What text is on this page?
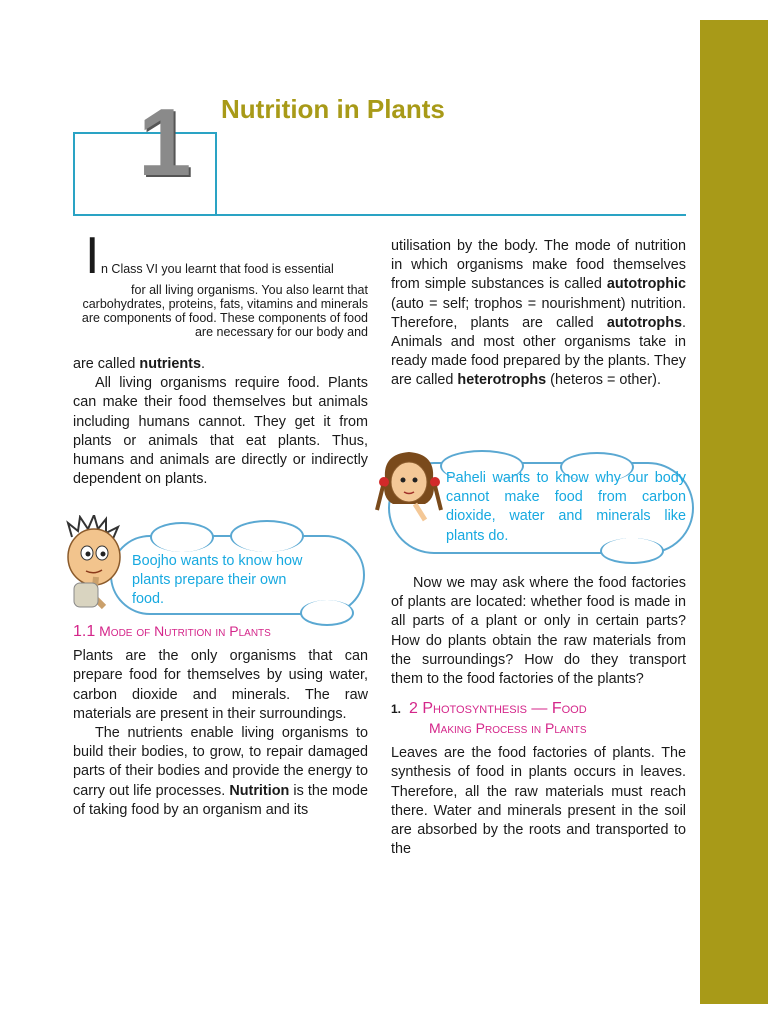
1 Nutrition in Plants
I n Class VI you learnt that food is essential
for all living organisms. You also learnt that carbohydrates, proteins, fats, vitamins and minerals are components of food. These components of food are necessary for our body and

are called nutrients.

All living organisms require food. Plants can make their food themselves but animals including humans cannot. They get it from plants or animals that eat plants. Thus, humans and animals are directly or indirectly dependent on plants.

Boojho wants to know how plants prepare their own food.
1.1 Mode of Nutrition in Plants

Plants are the only organisms that can prepare food for themselves by using water, carbon dioxide and minerals. The raw materials are present in their surroundings.

The nutrients enable living organisms to build their bodies, to grow, to repair damaged parts of their bodies and provide the energy to carry out life processes. Nutrition is the mode of taking food by an organism and its

utilisation by the body. The mode of nutrition in which organisms make food themselves from simple substances is called autotrophic (auto = self; trophos = nourishment) nutrition. Therefore, plants are called autotrophs. Animals and most other organisms take in ready made food prepared by the plants. They are called heterotrophs (heteros = other).

Paheli wants to know why our body cannot make food from carbon dioxide, water and minerals like plants do.

Now we may ask where the food factories of plants are located: whether food is made in all parts of a plant or only in certain parts? How do plants obtain the raw materials from the surroundings? How do they transport them to the food factories of the plants?

1. 2 Photosynthesis — Food
Making Process in Plants

Leaves are the food factories of plants. The synthesis of food in plants occurs in leaves. Therefore, all the raw materials must reach there. Water and minerals present in the soil are absorbed by the roots and transported to the
